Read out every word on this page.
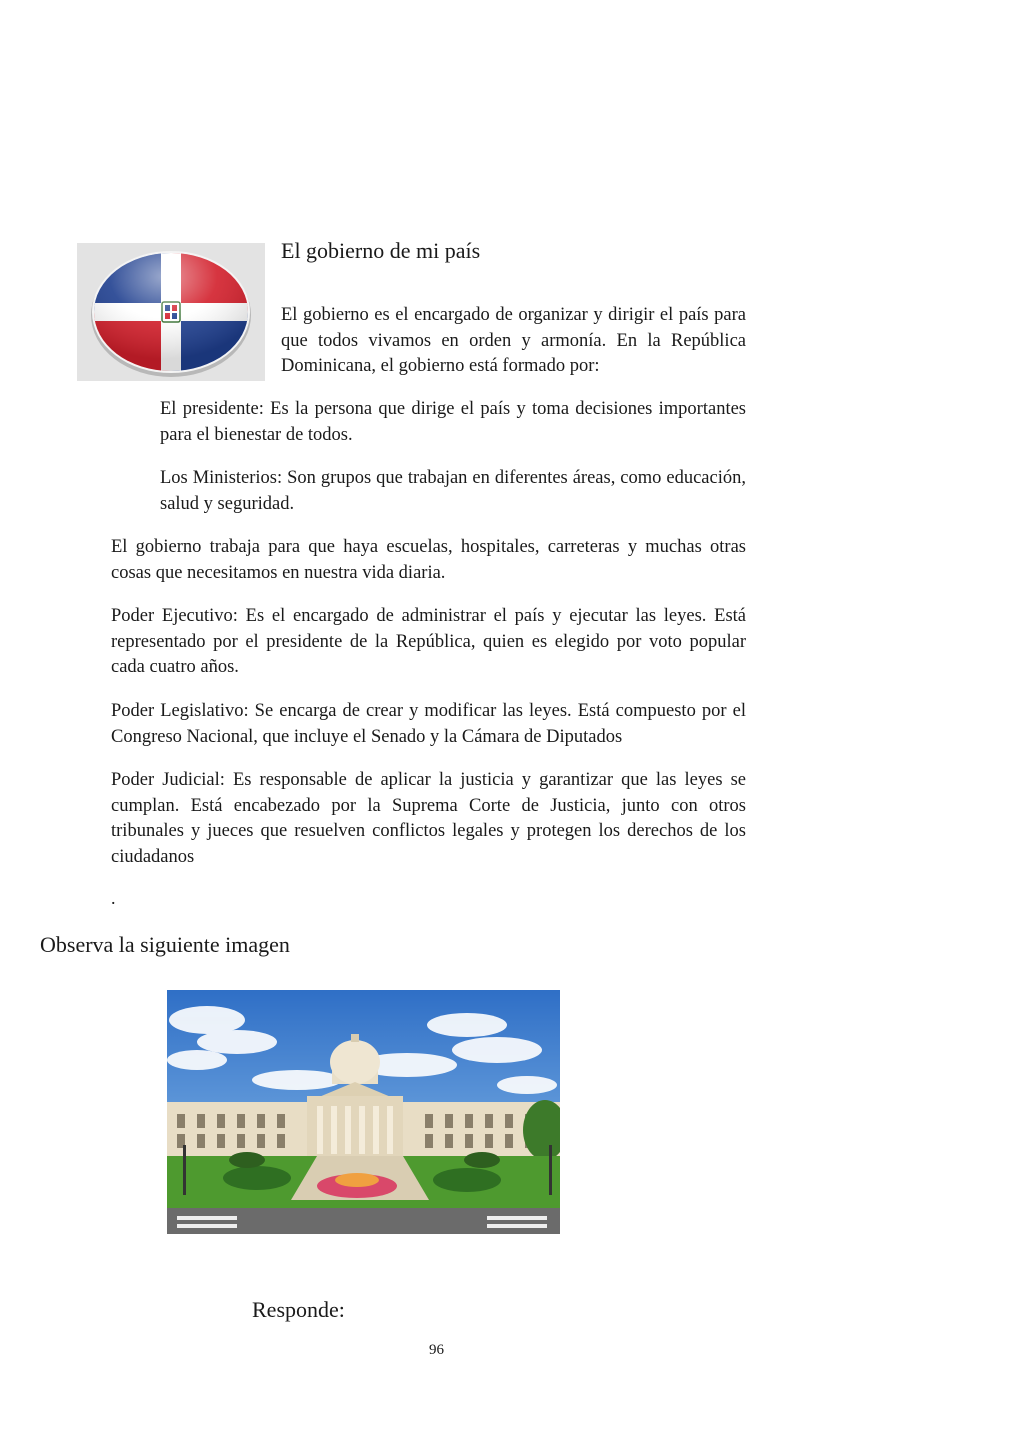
El gobierno de mi país

El gobierno es el encargado de organizar y dirigir el país para que todos vivamos en orden y armonía. En la República Dominicana, el gobierno está formado por:

El presidente: Es la persona que dirige el país y toma decisiones importantes para el bienestar de todos.

Los Ministerios: Son grupos que trabajan en diferentes áreas, como educación, salud y seguridad.

El gobierno trabaja para que haya escuelas, hospitales, carreteras y muchas otras cosas que necesitamos en nuestra vida diaria.

Poder Ejecutivo: Es el encargado de administrar el país y ejecutar las leyes. Está representado por el presidente de la República, quien es elegido por voto popular cada cuatro años.

Poder Legislativo: Se encarga de crear y modificar las leyes. Está compuesto por el Congreso Nacional, que incluye el Senado y la Cámara de Diputados

Poder Judicial: Es responsable de aplicar la justicia y garantizar que las leyes se cumplan. Está encabezado por la Suprema Corte de Justicia, junto con otros tribunales y jueces que resuelven conflictos legales y protegen los derechos de los ciudadanos

.
Observa la siguiente imagen
Responde:
96
